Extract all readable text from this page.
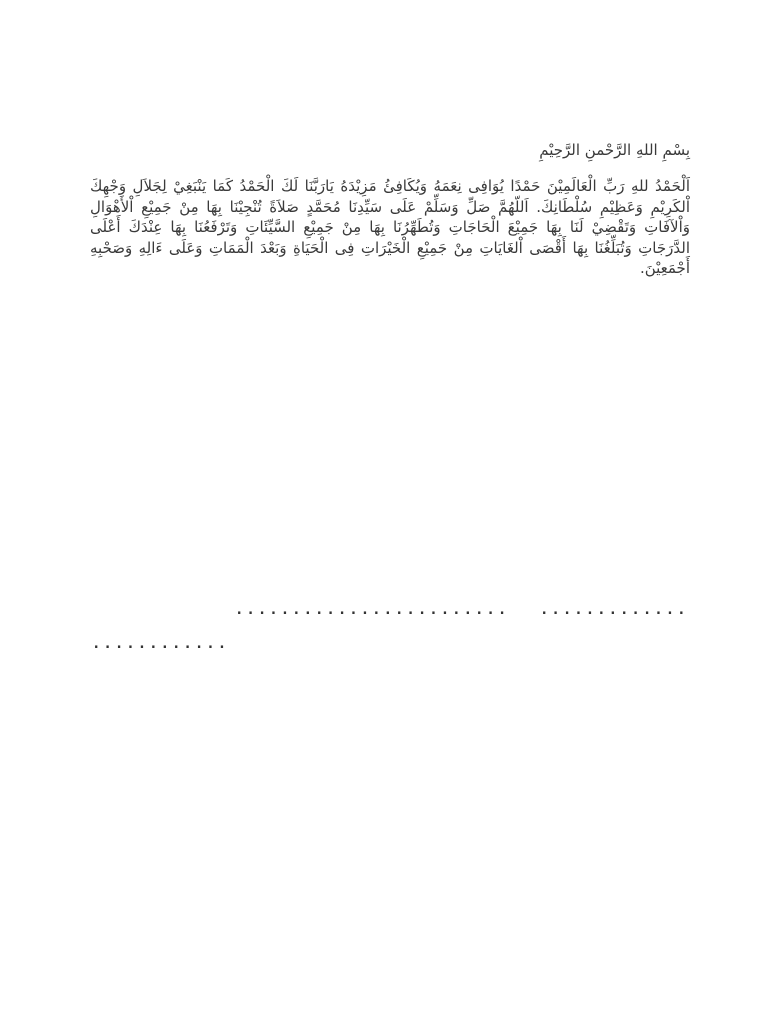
بِسْمِ اللهِ الرَّحْمنِ الرَّحِيْمِ

اَلْحَمْدُ للهِ رَبِّ الْعَالَمِيْنَ حَمْدًا يُوَافِى نِعَمَهُ وَيُكَافِئُ مَزِيْدَهُ يَارَبَّنَا لَكَ الْحَمْدُ كَمَا يَنْبَغِيْ لِجَلاَلِ وَجْهِكَ اْلكَرِيْمِ وَعَظِيْمِ سُلْطَانِكَ. اَللّهُمَّ صَلِّ وَسَلِّمْ عَلَى سَيِّدِنَا مُحَمَّدٍ صَلاَةً تُنْجِيْنَا بِهَا مِنْ جَمِيْعِ اْلأَهْوَالِ وَاْلآفَاتِ وَتَقْضِيْ لَنَا بِهَا جَمِيْعَ الْحَاجَاتِ وَتُطَهِّرُنَا بِهَا مِنْ جَمِيْعِ السَّيِّئَاتِ وَتَرْفَعُنَا بِهَا عِنْدَكَ أَعْلَى الدَّرَجَاتِ وَتُبَلِّغُنَا بِهَا أَقْصَى اْلغَايَاتِ مِنْ جَمِيْعِ الْخَيْرَاتِ فِى الْحَيَاةِ وَبَعْدَ الْمَمَاتِ وَعَلَى ءَالِهِ وَصَحْبِهِ أَجْمَعِيْنَ.

........................ .............
............
